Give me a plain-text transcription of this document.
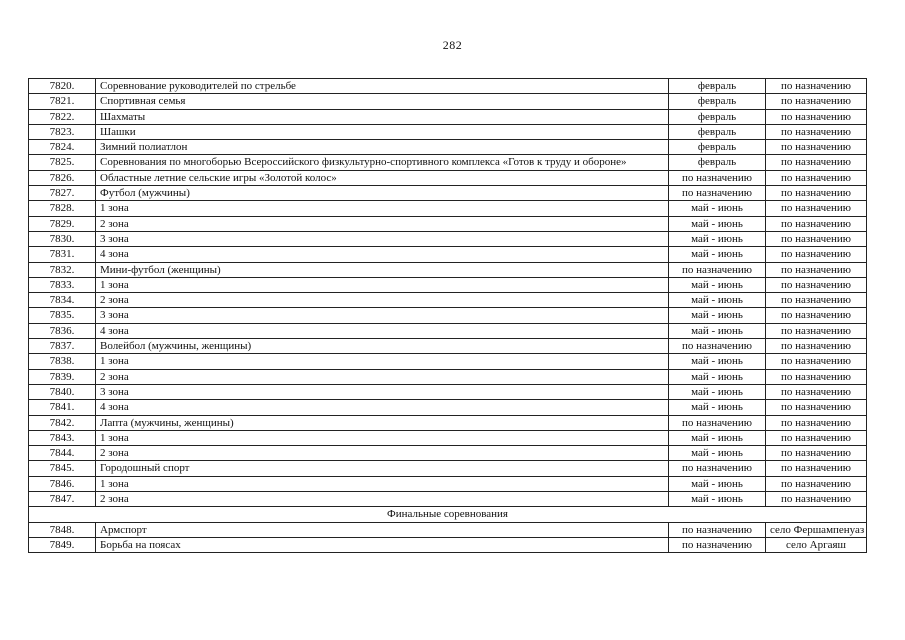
282
7820.	Соревнование руководителей по стрельбе	февраль	по назначению
7821.	Спортивная семья	февраль	по назначению
7822.	Шахматы	февраль	по назначению
7823.	Шашки	февраль	по назначению
7824.	Зимний полиатлон	февраль	по назначению
7825.	Соревнования по многоборью Всероссийского физкультурно-спортивного комплекса «Готов к труду и обороне»	февраль	по назначению
7826.	Областные летние сельские игры «Золотой колос»	по назначению	по назначению
7827.	Футбол (мужчины)	по назначению	по назначению
7828.	1 зона	май - июнь	по назначению
7829.	2 зона	май - июнь	по назначению
7830.	3 зона	май - июнь	по назначению
7831.	4 зона	май - июнь	по назначению
7832.	Мини-футбол (женщины)	по назначению	по назначению
7833.	1 зона	май - июнь	по назначению
7834.	2 зона	май - июнь	по назначению
7835.	3 зона	май - июнь	по назначению
7836.	4 зона	май - июнь	по назначению
7837.	Волейбол (мужчины, женщины)	по назначению	по назначению
7838.	1 зона	май - июнь	по назначению
7839.	2 зона	май - июнь	по назначению
7840.	3 зона	май - июнь	по назначению
7841.	4 зона	май - июнь	по назначению
7842.	Лапта (мужчины, женщины)	по назначению	по назначению
7843.	1 зона	май - июнь	по назначению
7844.	2 зона	май - июнь	по назначению
7845.	Городошный спорт	по назначению	по назначению
7846.	1 зона	май - июнь	по назначению
7847.	2 зона	май - июнь	по назначению
Финальные соревнования			
7848.	Армспорт	по назначению	село Фершампенуаз
7849.	Борьба на поясах	по назначению	село Аргаяш
